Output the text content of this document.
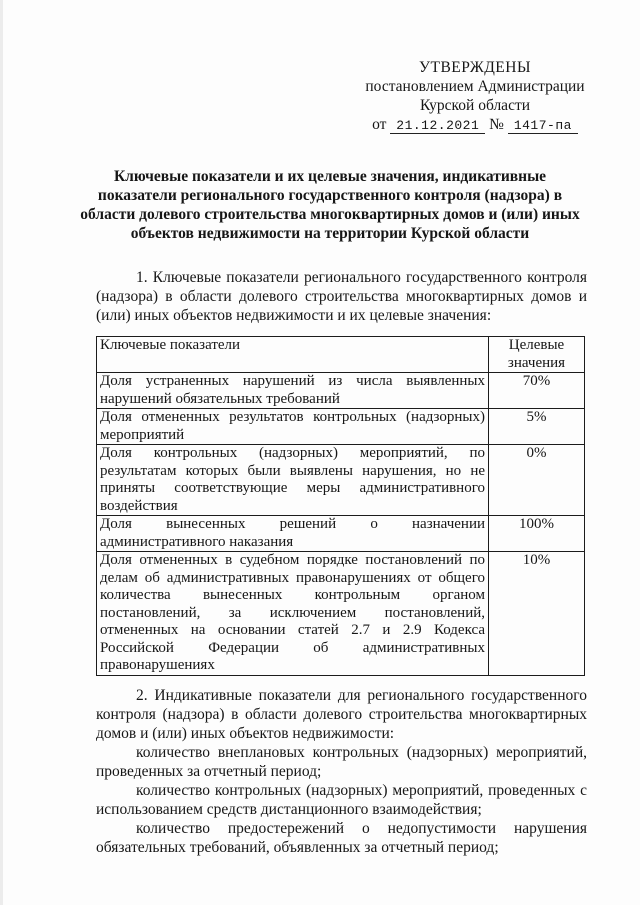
УТВЕРЖДЕНЫ
постановлением Администрации
Курской области
от 21.12.2021 № 1417-па
Ключевые показатели и их целевые значения, индикативные показатели регионального государственного контроля (надзора) в области долевого строительства многоквартирных домов и (или) иных объектов недвижимости на территории Курской области
1. Ключевые показатели регионального государственного контроля (надзора) в области долевого строительства многоквартирных домов и (или) иных объектов недвижимости и их целевые значения:
Ключевые показатели	Целевые значения
Доля устраненных нарушений из числа выявленных нарушений обязательных требований	70%
Доля отмененных результатов контрольных (надзорных) мероприятий	5%
Доля контрольных (надзорных) мероприятий, по результатам которых были выявлены нарушения, но не приняты соответствующие меры административного воздействия	0%
Доля вынесенных решений о назначении административного наказания	100%
Доля отмененных в судебном порядке постановлений по делам об административных правонарушениях от общего количества вынесенных контрольным органом постановлений, за исключением постановлений, отмененных на основании статей 2.7 и 2.9 Кодекса Российской Федерации об административных правонарушениях	10%
2. Индикативные показатели для регионального государственного контроля (надзора) в области долевого строительства многоквартирных домов и (или) иных объектов недвижимости:
количество внеплановых контрольных (надзорных) мероприятий, проведенных за отчетный период;
количество контрольных (надзорных) мероприятий, проведенных с использованием средств дистанционного взаимодействия;
количество предостережений о недопустимости нарушения обязательных требований, объявленных за отчетный период;
